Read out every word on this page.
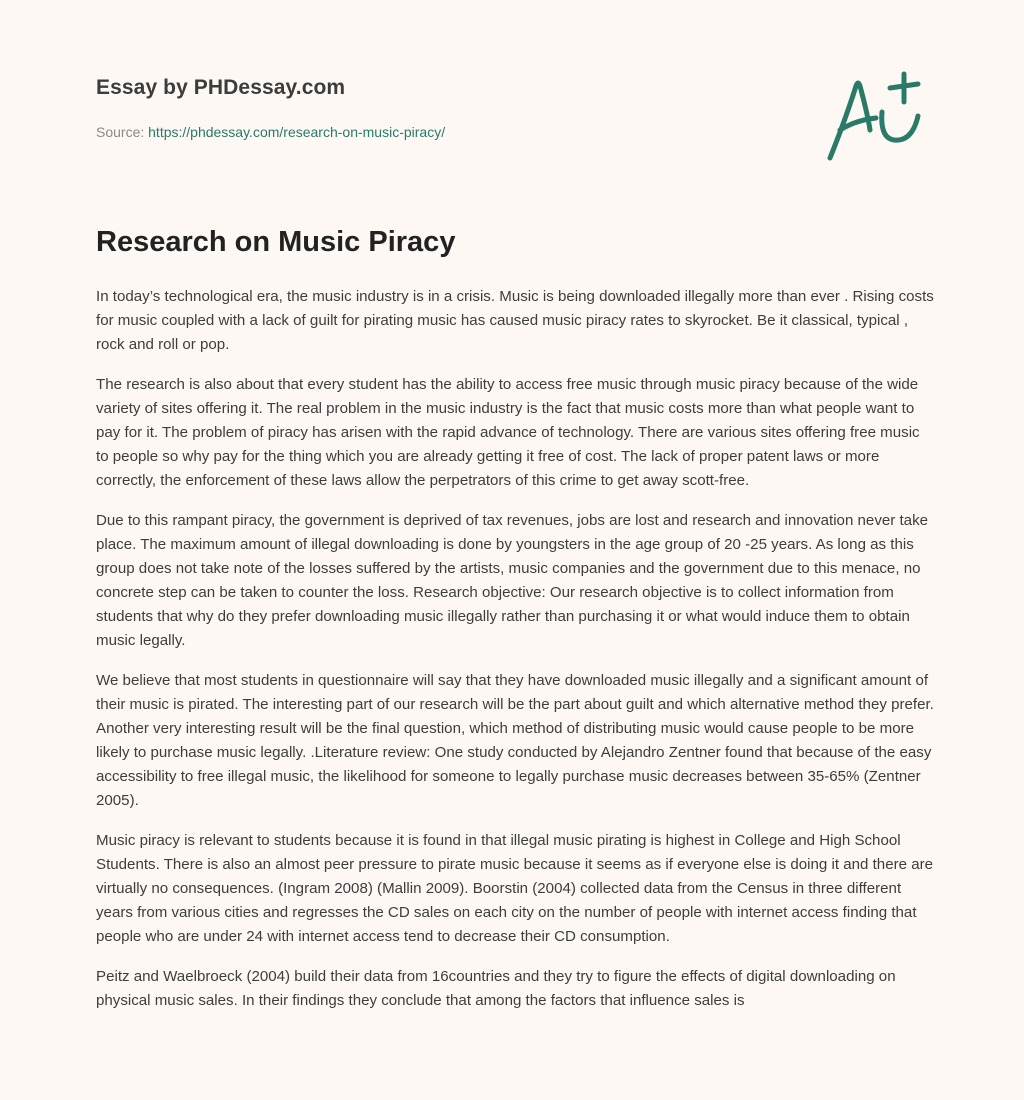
Essay by PHDessay.com
Source: https://phdessay.com/research-on-music-piracy/
Research on Music Piracy

In today’s technological era, the music industry is in a crisis. Music is being downloaded illegally more than ever . Rising costs for music coupled with a lack of guilt for pirating music has caused music piracy rates to skyrocket. Be it classical, typical , rock and roll or pop.

The research is also about that every student has the ability to access free music through music piracy because of the wide variety of sites offering it. The real problem in the music industry is the fact that music costs more than what people want to pay for it. The problem of piracy has arisen with the rapid advance of technology. There are various sites offering free music to people so why pay for the thing which you are already getting it free of cost. The lack of proper patent laws or more correctly, the enforcement of these laws allow the perpetrators of this crime to get away scott-free.

Due to this rampant piracy, the government is deprived of tax revenues, jobs are lost and research and innovation never take place. The maximum amount of illegal downloading is done by youngsters in the age group of 20 -25 years. As long as this group does not take note of the losses suffered by the artists, music companies and the government due to this menace, no concrete step can be taken to counter the loss. Research objective: Our research objective is to collect information from students that why do they prefer downloading music illegally rather than purchasing it or what would induce them to obtain music legally.

We believe that most students in questionnaire will say that they have downloaded music illegally and a significant amount of their music is pirated. The interesting part of our research will be the part about guilt and which alternative method they prefer. Another very interesting result will be the final question, which method of distributing music would cause people to be more likely to purchase music legally. .Literature review: One study conducted by Alejandro Zentner found that because of the easy accessibility to free illegal music, the likelihood for someone to legally purchase music decreases between 35-65% (Zentner 2005).

Music piracy is relevant to students because it is found in that illegal music pirating is highest in College and High School Students. There is also an almost peer pressure to pirate music because it seems as if everyone else is doing it and there are virtually no consequences. (Ingram 2008) (Mallin 2009). Boorstin (2004) collected data from the Census in three different years from various cities and regresses the CD sales on each city on the number of people with internet access finding that people who are under 24 with internet access tend to decrease their CD consumption.

Peitz and Waelbroeck (2004) build their data from 16countries and they try to figure the effects of digital downloading on physical music sales. In their findings they conclude that among the factors that influence sales is
